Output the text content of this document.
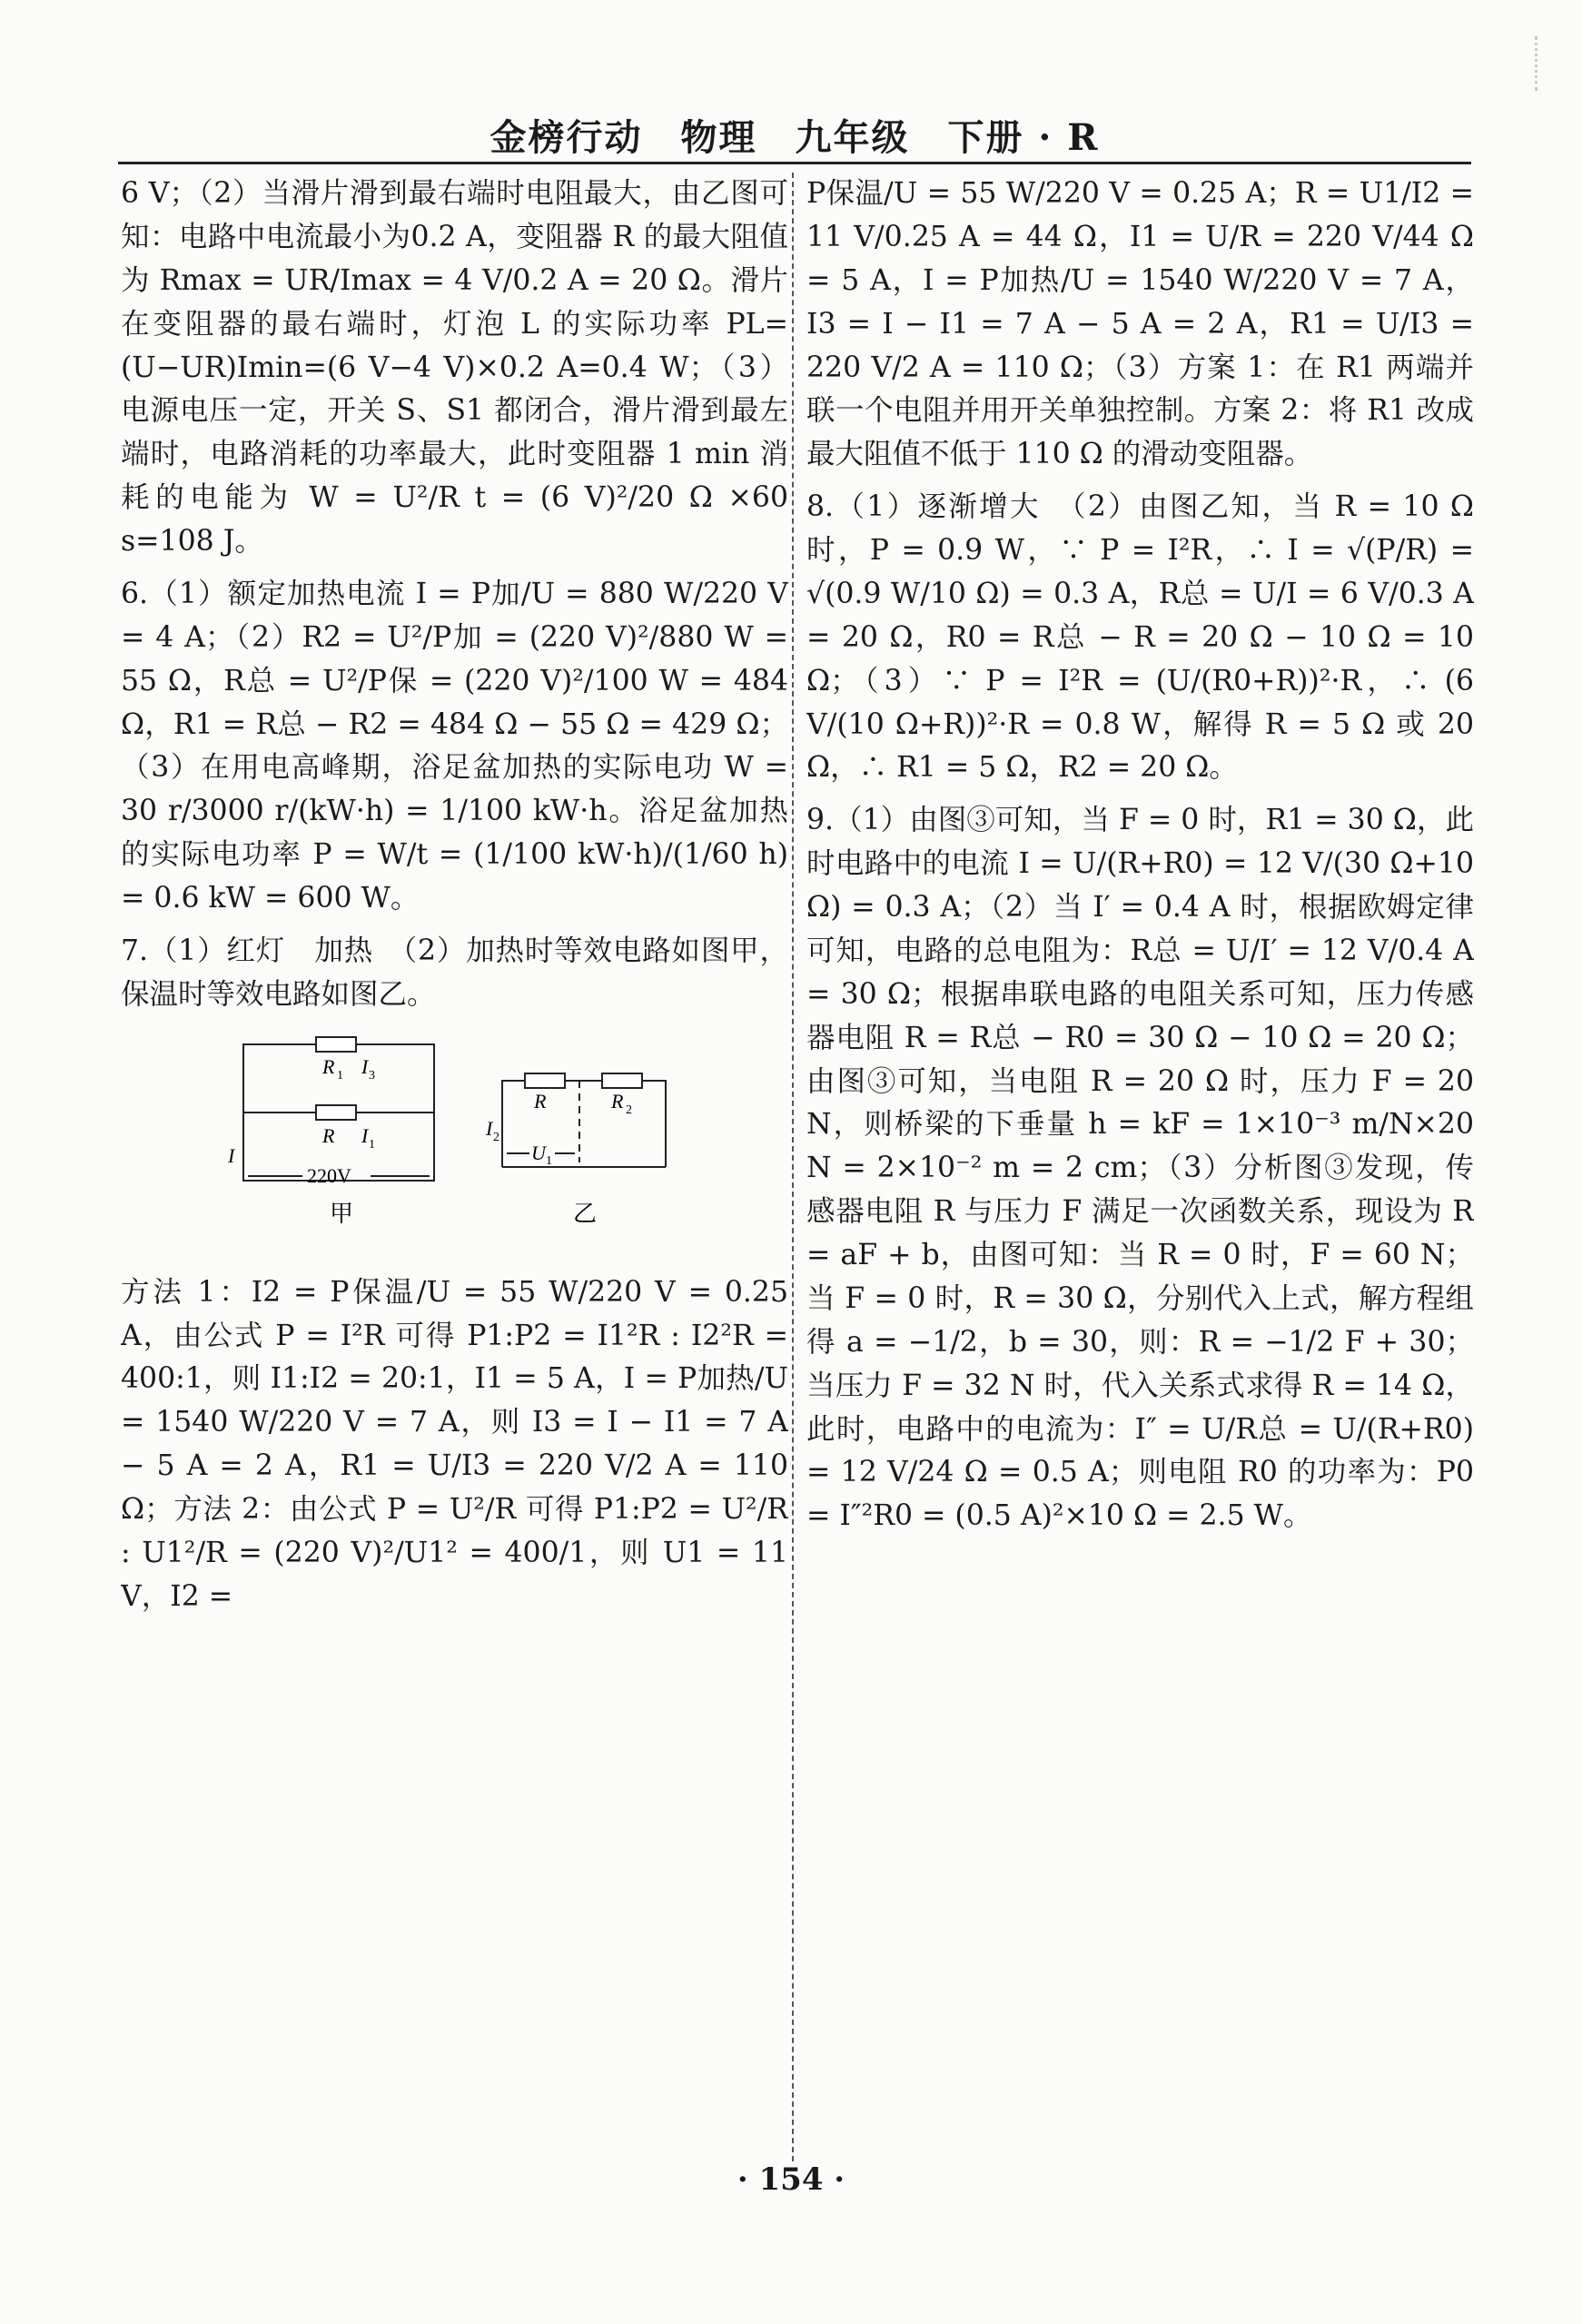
金榜行动　物理　九年级　下册 · R

6 V；（2）当滑片滑到最右端时电阻最大，由乙图可知：电路中电流最小为0.2 A，变阻器 R 的最大阻值为 Rmax = UR/Imax = 4 V/0.2 A = 20 Ω。滑片在变阻器的最右端时，灯泡 L 的实际功率 PL=(U−UR)Imin=(6 V−4 V)×0.2 A=0.4 W；（3）电源电压一定，开关 S、S1 都闭合，滑片滑到最左端时，电路消耗的功率最大，此时变阻器 1 min 消耗的电能为 W = U²/R t = (6 V)²/20 Ω ×60 s=108 J。

6.（1）额定加热电流 I = P加/U = 880 W/220 V = 4 A；（2）R2 = U²/P加 = (220 V)²/880 W = 55 Ω，R总 = U²/P保 = (220 V)²/100 W = 484 Ω，R1 = R总 − R2 = 484 Ω − 55 Ω = 429 Ω；（3）在用电高峰期，浴足盆加热的实际电功 W = 30 r/3000 r/(kW·h) = 1/100 kW·h。浴足盆加热的实际电功率 P = W/t = (1/100 kW·h)/(1/60 h) = 0.6 kW = 600 W。

7.（1）红灯　加热　（2）加热时等效电路如图甲，保温时等效电路如图乙。

R 1 I 3
R I 1
I
220V
甲
R	R 2
I 2
U 1
乙

方法 1：I2 = P保温/U = 55 W/220 V = 0.25 A，由公式 P = I²R 可得 P1:P2 = I1²R : I2²R = 400:1，则 I1:I2 = 20:1，I1 = 5 A，I = P加热/U = 1540 W/220 V = 7 A，则 I3 = I − I1 = 7 A − 5 A = 2 A，R1 = U/I3 = 220 V/2 A = 110 Ω；方法 2：由公式 P = U²/R 可得 P1:P2 = U²/R : U1²/R = (220 V)²/U1² = 400/1，则 U1 = 11 V，I2 =

P保温/U = 55 W/220 V = 0.25 A；R = U1/I2 = 11 V/0.25 A = 44 Ω，I1 = U/R = 220 V/44 Ω = 5 A，I = P加热/U = 1540 W/220 V = 7 A，I3 = I − I1 = 7 A − 5 A = 2 A，R1 = U/I3 = 220 V/2 A = 110 Ω；（3）方案 1：在 R1 两端并联一个电阻并用开关单独控制。方案 2：将 R1 改成最大阻值不低于 110 Ω 的滑动变阻器。

8.（1）逐渐增大　（2）由图乙知，当 R = 10 Ω 时，P = 0.9 W，∵ P = I²R，∴ I = √(P/R) = √(0.9 W/10 Ω) = 0.3 A，R总 = U/I = 6 V/0.3 A = 20 Ω，R0 = R总 − R = 20 Ω − 10 Ω = 10 Ω；（3）∵ P = I²R = (U/(R0+R))²·R，∴ (6 V/(10 Ω+R))²·R = 0.8 W，解得 R = 5 Ω 或 20 Ω，∴ R1 = 5 Ω，R2 = 20 Ω。

9.（1）由图③可知，当 F = 0 时，R1 = 30 Ω，此时电路中的电流 I = U/(R+R0) = 12 V/(30 Ω+10 Ω) = 0.3 A；（2）当 I′ = 0.4 A 时，根据欧姆定律可知，电路的总电阻为：R总 = U/I′ = 12 V/0.4 A = 30 Ω；根据串联电路的电阻关系可知，压力传感器电阻 R = R总 − R0 = 30 Ω − 10 Ω = 20 Ω；由图③可知，当电阻 R = 20 Ω 时，压力 F = 20 N，则桥梁的下垂量 h = kF = 1×10⁻³ m/N×20 N = 2×10⁻² m = 2 cm；（3）分析图③发现，传感器电阻 R 与压力 F 满足一次函数关系，现设为 R = aF + b，由图可知：当 R = 0 时，F = 60 N；当 F = 0 时，R = 30 Ω，分别代入上式，解方程组得 a = −1/2，b = 30，则：R = −1/2 F + 30；当压力 F = 32 N 时，代入关系式求得 R = 14 Ω，此时，电路中的电流为：I″ = U/R总 = U/(R+R0) = 12 V/24 Ω = 0.5 A；则电阻 R0 的功率为：P0 = I″²R0 = (0.5 A)²×10 Ω = 2.5 W。

· 154 ·
